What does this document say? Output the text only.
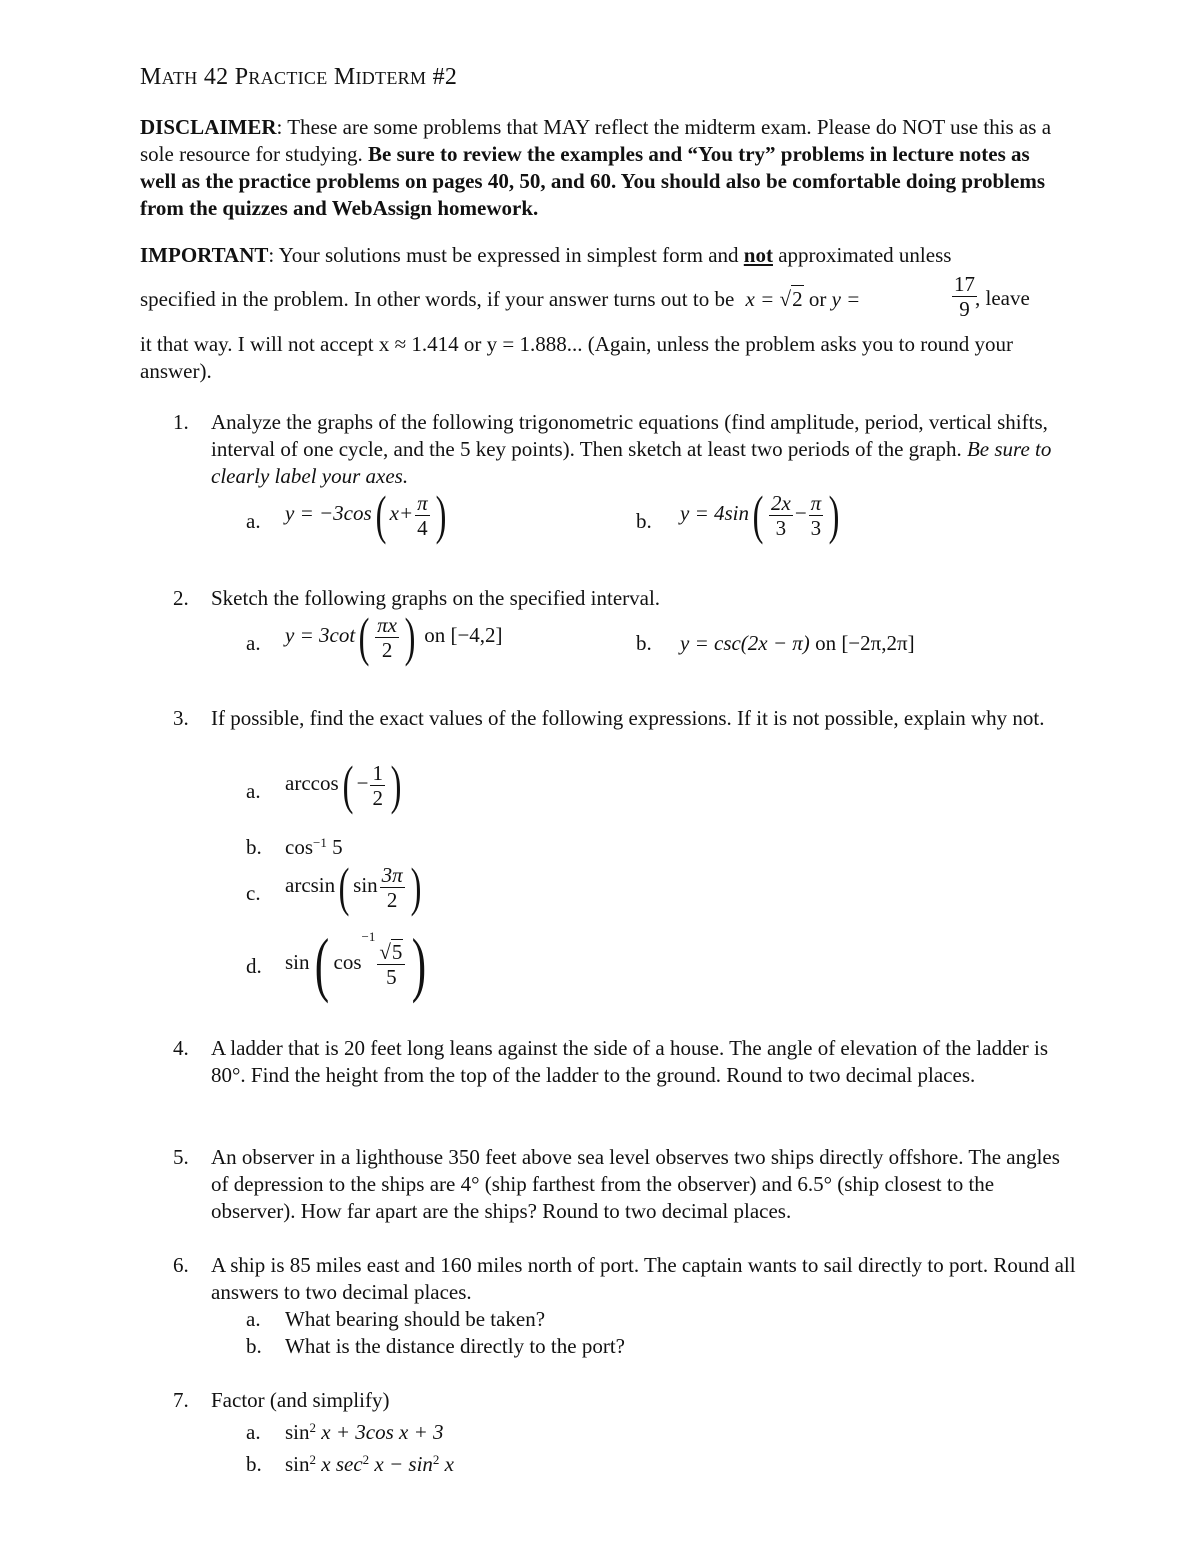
MATH 42 PRACTICE MIDTERM #2
DISCLAIMER: These are some problems that MAY reflect the midterm exam. Please do NOT use this as a sole resource for studying. Be sure to review the examples and “You try” problems in lecture notes as well as the practice problems on pages 40, 50, and 60. You should also be comfortable doing problems from the quizzes and WebAssign homework.
IMPORTANT: Your solutions must be expressed in simplest form and not approximated unless
specified in the problem. In other words, if your answer turns out to be x = √ 2 or y =	$\frac{17}{9}$
, leave
it that way. I will not accept x ≈ 1.414 or y = 1.888... (Again, unless the problem asks you to round your answer).
1. Analyze the graphs of the following trigonometric equations (find amplitude, period, vertical shifts, interval of one cycle, and the 5 key points). Then sketch at least two periods of the graph. Be sure to clearly label your axes.
a. y = −3cos( $x+ \frac{\pi}{4}$ )	b. $y = 4\sin( \frac{2x}{3} - \frac{\pi}{3}$ )
2. Sketch the following graphs on the specified interval.
a. $y = 3\cot( \frac{\pi x}{2}$ ) on [−4,2]	b. y = csc(2x − π) on [−2π,2π]
3. If possible, find the exact values of the following expressions. If it is not possible, explain why not.
a. $\arccos( - \frac{1}{2}$ )
b. $\cos^{-1} 5$
c. arcsin( $\sin \frac{3\pi}{2}$ )
d. sin( $\cos^{-1}$
$\frac{√ 5}{5}$ )
4. A ladder that is 20 feet long leans against the side of a house. The angle of elevation of the ladder is 80°. Find the height from the top of the ladder to the ground. Round to two decimal places.
5. An observer in a lighthouse 350 feet above sea level observes two ships directly offshore. The angles of depression to the ships are 4° (ship farthest from the observer) and 6.5° (ship closest to the observer). How far apart are the ships? Round to two decimal places.
6. A ship is 85 miles east and 160 miles north of port. The captain wants to sail directly to port. Round all answers to two decimal places.
a. What bearing should be taken?
b. What is the distance directly to the port?
7. Factor (and simplify)
a. $\sin^2 x + 3\cos$ x + 3
b. $\sin^2 x$ $\sec^2 x - \sin^2 x$
